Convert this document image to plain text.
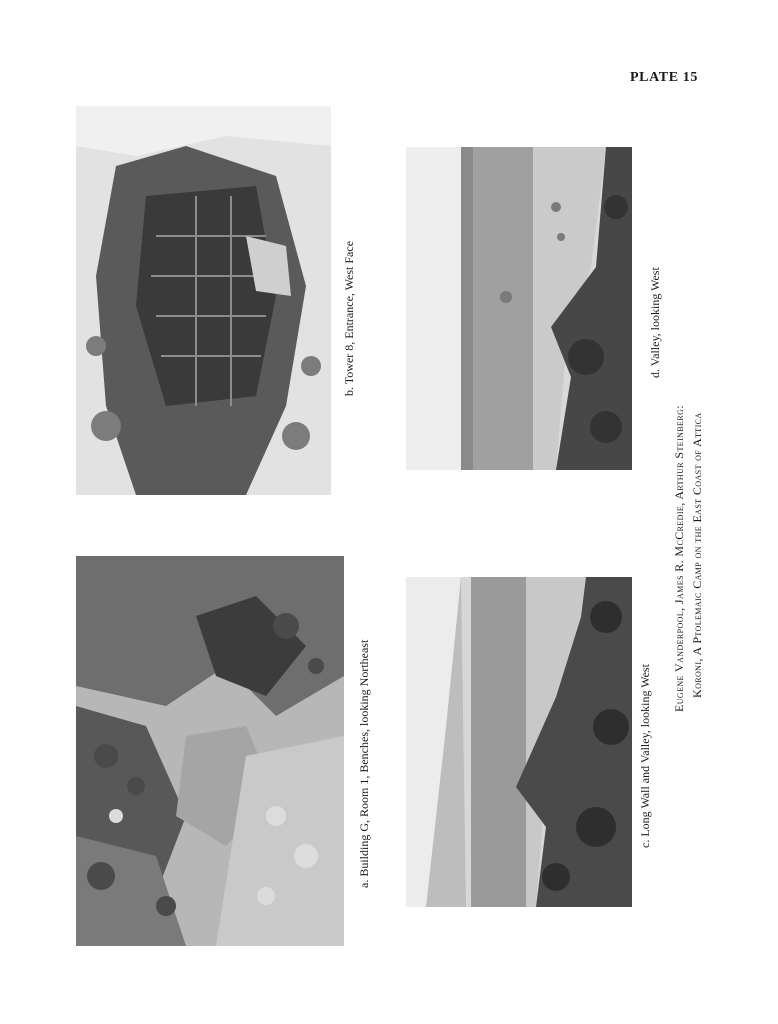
PLATE 15
a. Building G, Room 1, Benches, looking Northeast
b. Tower 8, Entrance, West Face
c. Long Wall and Valley, looking West
d. Valley, looking West
Eugene Vanderpool, James R. McCredie, Arthur Steinberg: Koroni, A Ptolemaic Camp on the East Coast of Attica
